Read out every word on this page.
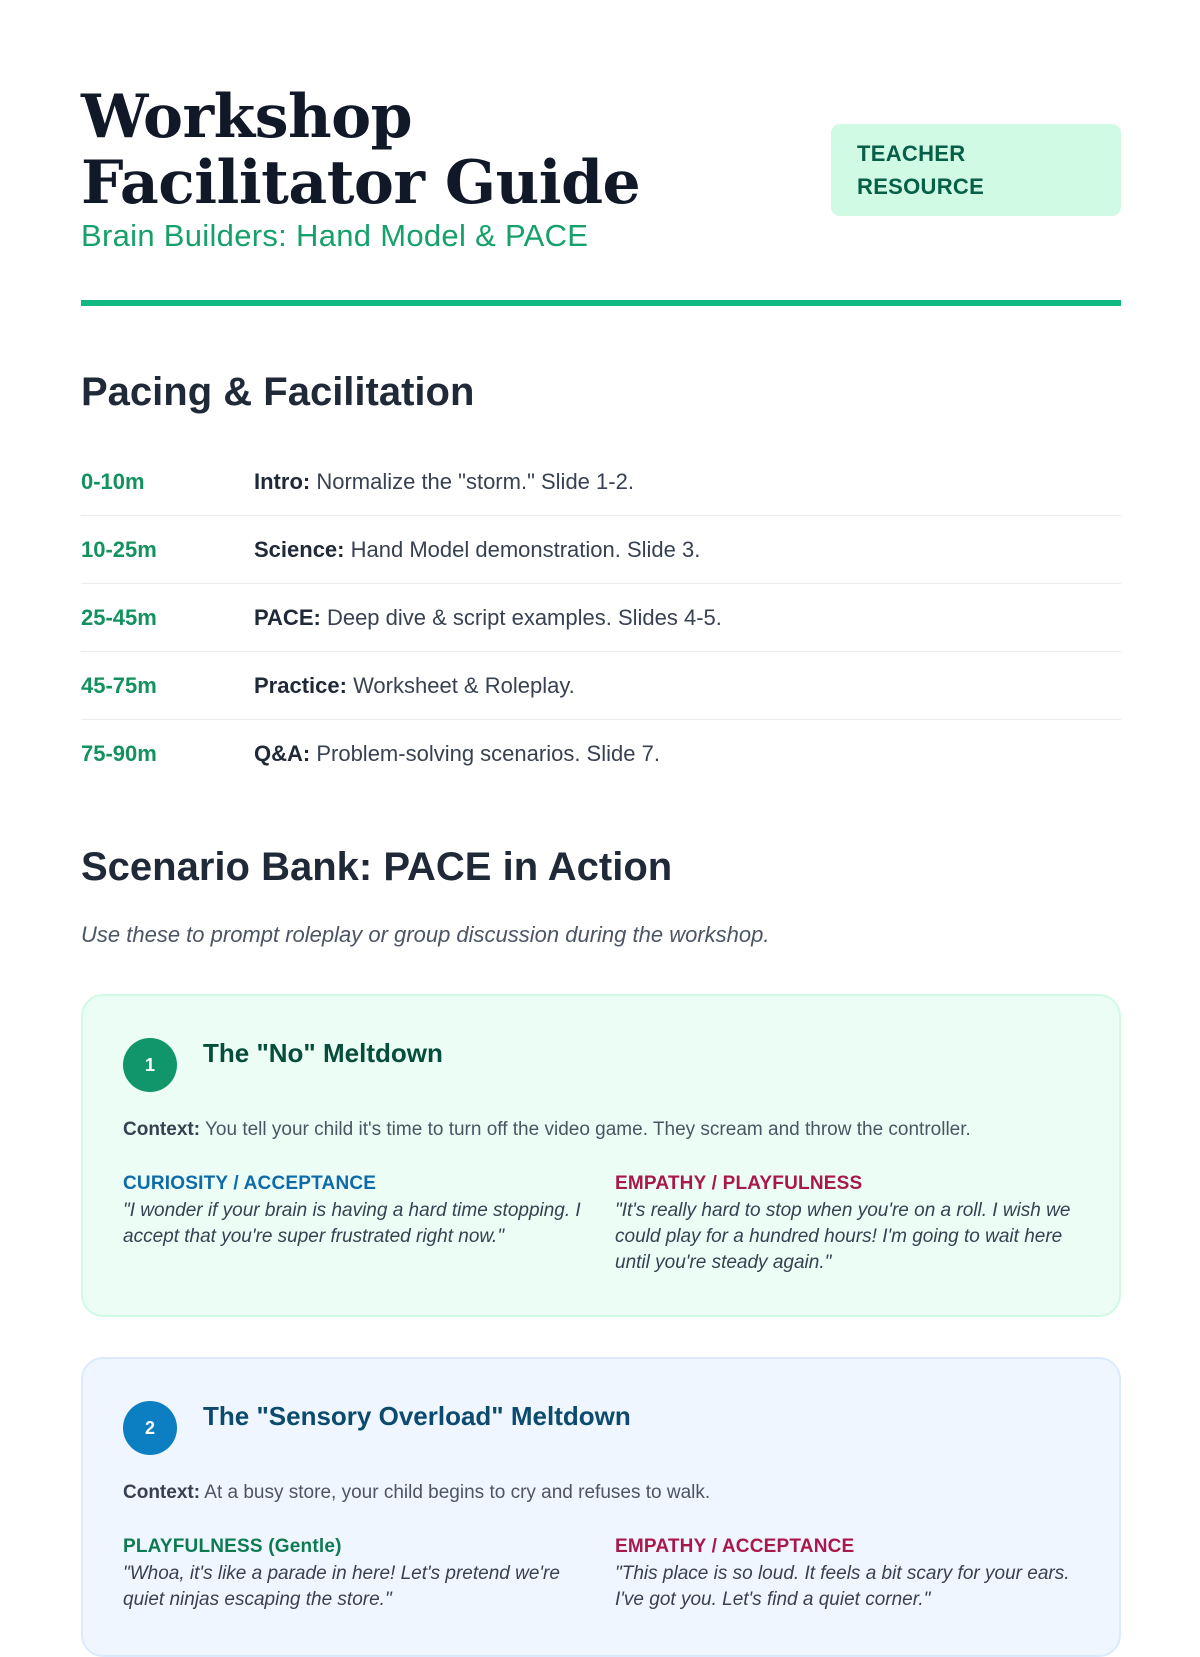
Workshop Facilitator Guide

Brain Builders: Hand Model & PACE

TEACHER RESOURCE
Pacing & Facilitation
0-10m	Intro: Normalize the "storm." Slide 1-2.
10-25m	Science: Hand Model demonstration. Slide 3.
25-45m	PACE: Deep dive & script examples. Slides 4-5.
45-75m	Practice: Worksheet & Roleplay.
75-90m	Q&A: Problem-solving scenarios. Slide 7.
Scenario Bank: PACE in Action

Use these to prompt roleplay or group discussion during the workshop.

1	The "No" Meltdown

Context: You tell your child it's time to turn off the video game. They scream and throw the controller.

CURIOSITY / ACCEPTANCE

"I wonder if your brain is having a hard time stopping. I accept that you're super frustrated right now."

EMPATHY / PLAYFULNESS

"It's really hard to stop when you're on a roll. I wish we could play for a hundred hours! I'm going to wait here until you're steady again."

2	The "Sensory Overload" Meltdown

Context: At a busy store, your child begins to cry and refuses to walk.

PLAYFULNESS (Gentle)

"Whoa, it's like a parade in here! Let's pretend we're quiet ninjas escaping the store."

EMPATHY / ACCEPTANCE

"This place is so loud. It feels a bit scary for your ears. I've got you. Let's find a quiet corner."
